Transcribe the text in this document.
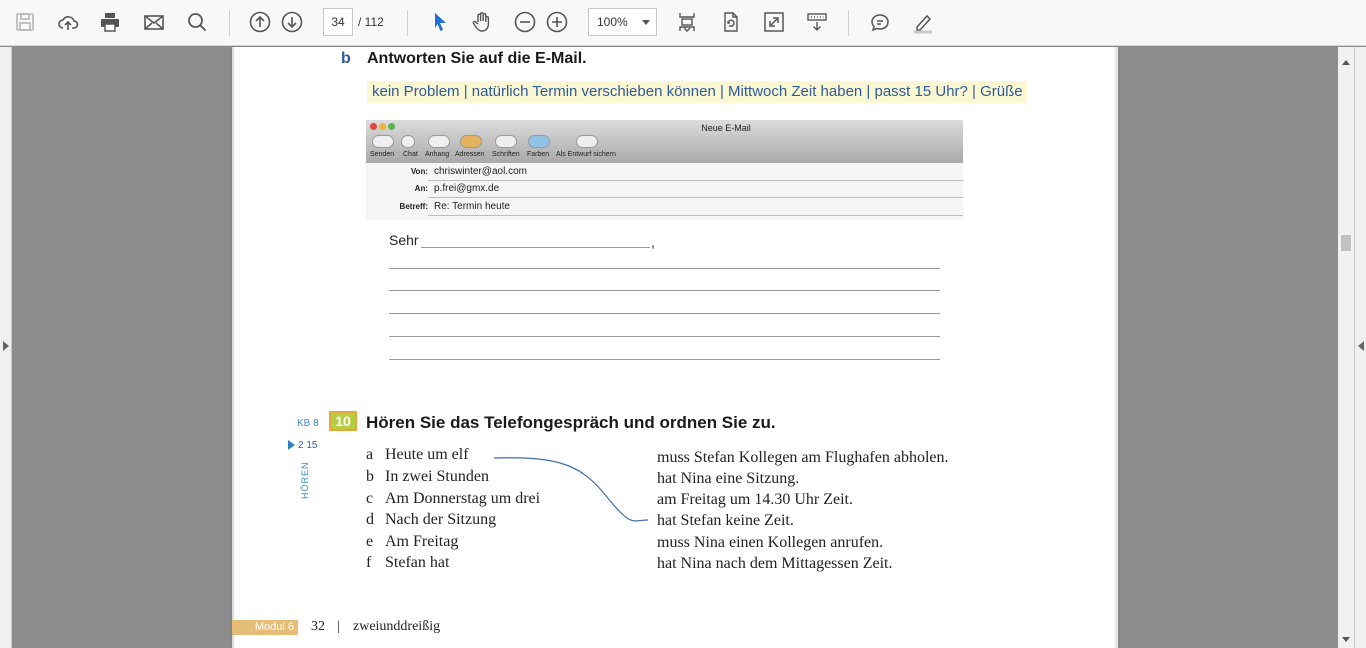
34	/ 112	100%
b Antworten Sie auf die E-Mail.
kein Problem | natürlich Termin verschieben können | Mittwoch Zeit haben | passt 15 Uhr? | Grüße
Neue E-Mail
Senden Chat Anhang Adressen Schriften Farben Als Entwurf sichern
Von: chriswinter@aol.com
An: p.frei@gmx.de
Betreff: Re: Termin heute
Sehr	,
KB 8	10 Hören Sie das Telefongespräch und ordnen Sie zu.
2 15
HÖREN
a Heute um elf
b In zwei Stunden
c Am Donnerstag um drei
d Nach der Sitzung
e Am Freitag
f Stefan hat
muss Stefan Kollegen am Flughafen abholen.
hat Nina eine Sitzung.
am Freitag um 14.30 Uhr Zeit.
hat Stefan keine Zeit.
muss Nina einen Kollegen anrufen.
hat Nina nach dem Mittagessen Zeit.
Modul 6 32 | zweiunddreißig
